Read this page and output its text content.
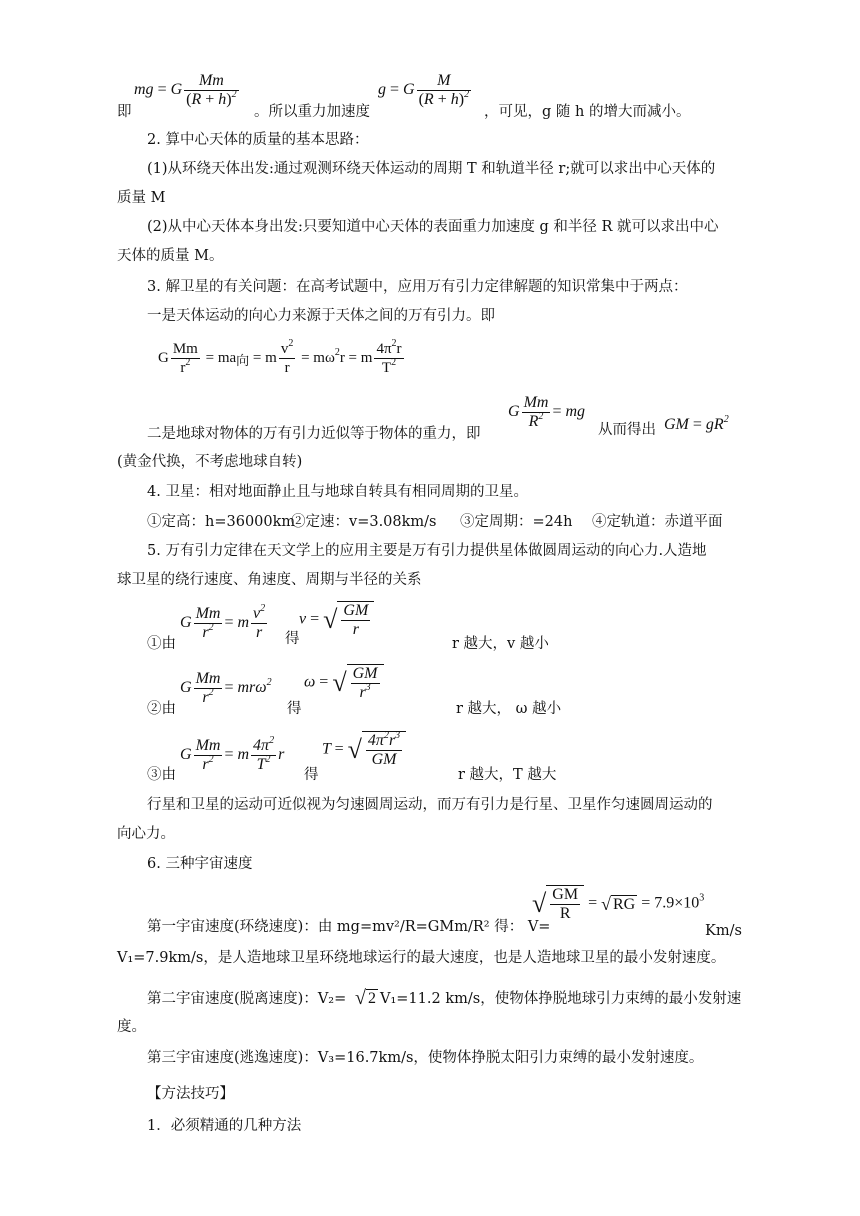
即
mg = G $\frac{Mm}{(R + h)^2}$
。所以重力加速度
g = G $\frac{M}{(R + h)^2}$
，可见，g 随 h 的增大而减小。
2. 算中心天体的质量的基本思路：
(1)从环绕天体出发:通过观测环绕天体运动的周期 T 和轨道半径 r;就可以求出中心天体的
质量 M
(2)从中心天体本身出发:只要知道中心天体的表面重力加速度 g 和半径 R 就可以求出中心
天体的质量 M。
3. 解卫星的有关问题：在高考试题中，应用万有引力定律解题的知识常集中于两点：
一是天体运动的向心力来源于天体之间的万有引力。即
G $\frac{Mm}{r^2} = ma_向 = m \frac{v^2}{r} = m\omega^2r = m \frac{4\pi^2r}{T^2}$
二是地球对物体的万有引力近似等于物体的重力，即
G $\frac{Mm}{R^2}$ = mg
从而得出 GM = $gR^2$
(黄金代换，不考虑地球自转)
4. 卫星：相对地面静止且与地球自转具有相同周期的卫星。
①定高：h=36000km
②定速：v=3.08km/s ③定周期：=24h ④定轨道：赤道平面
5. 万有引力定律在天文学上的应用主要是万有引力提供星体做圆周运动的向心力.人造地
球卫星的绕行速度、角速度、周期与半径的关系
①由
G $\frac{Mm}{r^2} = m \frac{v^2}{r}$ 得
v = √ $\frac{GM}{r}$
r 越大，v 越小
②由
G $\frac{Mm}{r^2} = mr\omega^2$
得
ω = √ $\frac{GM}{r^3}$
r 越大， ω 越小
③由
G $\frac{Mm}{r^2} = m \frac{4\pi^2}{T^2}$ r
得
T = √ $\frac{4\pi^2r^3}{GM}$
r 越大，T 越大
行星和卫星的运动可近似视为匀速圆周运动，而万有引力是行星、卫星作匀速圆周运动的
向心力。
6. 三种宇宙速度
第一宇宙速度(环绕速度)：由 mg=mv²/R=GMm/R² 得： V=
√ $\frac{GM}{R}$ = √ RG = $7.9\times 10^3$
Km/s
V₁=7.9km/s，是人造地球卫星环绕地球运行的最大速度，也是人造地球卫星的最小发射速度。
第二宇宙速度(脱离速度)：V₂= √ 2 V₁=11.2 km/s，使物体挣脱地球引力束缚的最小发射速
度。
第三宇宙速度(逃逸速度)：V₃=16.7km/s，使物体挣脱太阳引力束缚的最小发射速度。
【方法技巧】
1．必须精通的几种方法
